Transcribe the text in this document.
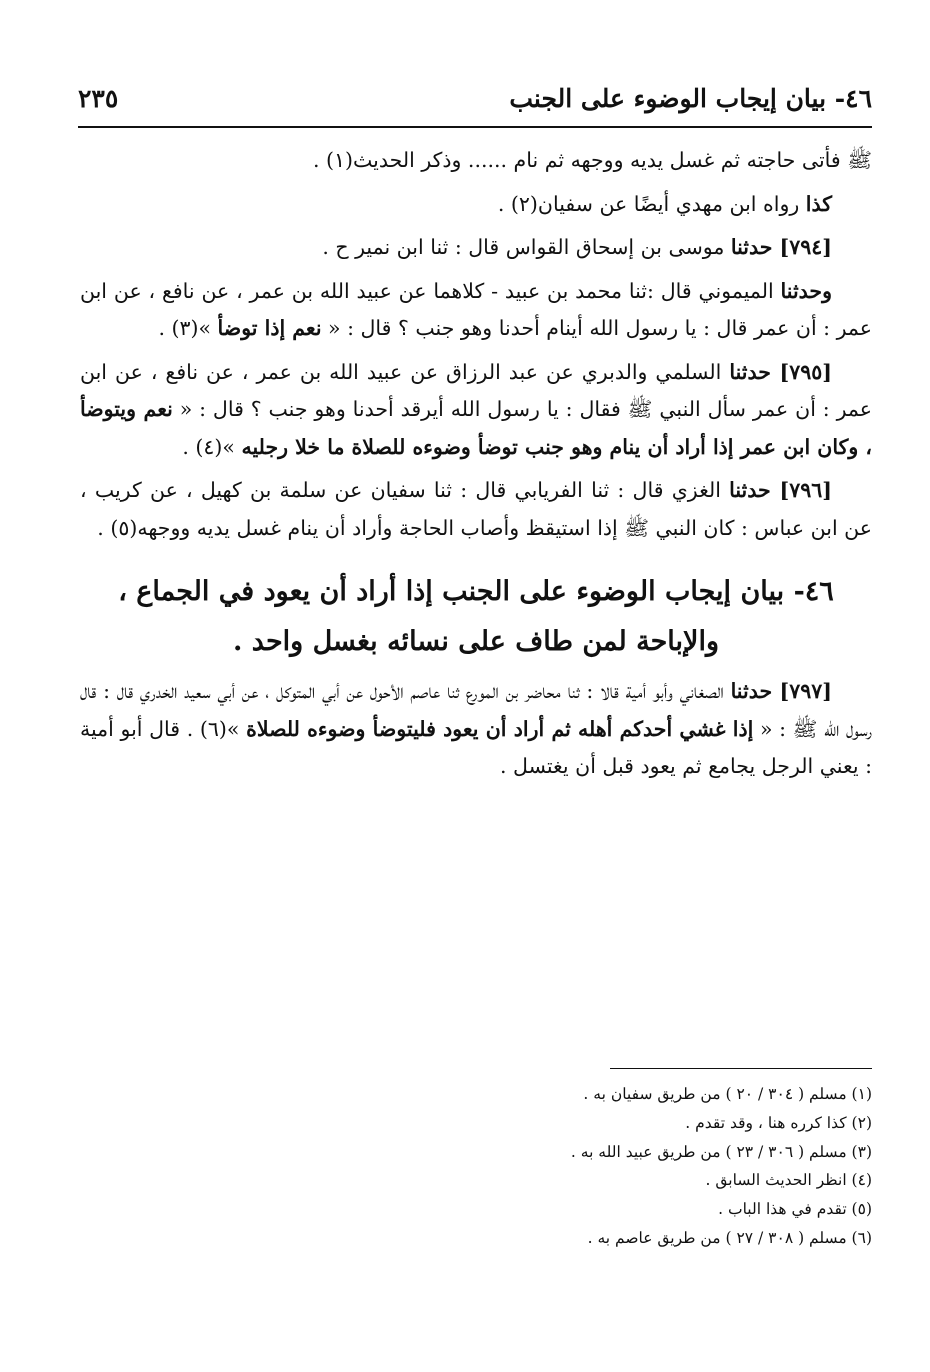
٤٦- بيان إيجاب الوضوء على الجنب
٢٣٥

ﷺ فأتى حاجته ثم غسل يديه ووجهه ثم نام ...... وذكر الحديث(١) .

كذا رواه ابن مهدي أيضًا عن سفيان(٢) .

[٧٩٤] حدثنا موسى بن إسحاق القواس قال : ثنا ابن نمير ح .

وحدثنا الميموني قال :ثنا محمد بن عبيد - كلاهما عن عبيد الله بن عمر ، عن نافع ، عن ابن عمر : أن عمر قال : يا رسول الله أينام أحدنا وهو جنب ؟ قال : « نعم إذا توضأ »(٣) .

[٧٩٥] حدثنا السلمي والدبري عن عبد الرزاق عن عبيد الله بن عمر ، عن نافع ، عن ابن عمر : أن عمر سأل النبي ﷺ فقال : يا رسول الله أيرقد أحدنا وهو جنب ؟ قال : « نعم ويتوضأ ، وكان ابن عمر إذا أراد أن ينام وهو جنب توضأ وضوءه للصلاة ما خلا رجليه »(٤) .

[٧٩٦] حدثنا الغزي قال : ثنا الفريابي قال : ثنا سفيان عن سلمة بن كهيل ، عن كريب ، عن ابن عباس : كان النبي ﷺ إذا استيقظ وأصاب الحاجة وأراد أن ينام غسل يديه ووجهه(٥) .

٤٦- بيان إيجاب الوضوء على الجنب إذا أراد أن يعود في الجماع ، والإباحة لمن طاف على نسائه بغسل واحد .

[٧٩٧] حدثنا الصغاني وأبو أمية قالا : ثنا محاضر بن المورع ثنا عاصم الأحول عن أبي المتوكل ، عن أبي سعيد الخدري قال : قال رسول الله ﷺ : « إذا غشي أحدكم أهله ثم أراد أن يعود فليتوضأ وضوءه للصلاة »(٦) . قال أبو أمية : يعني الرجل يجامع ثم يعود قبل أن يغتسل .

(١) مسلم ( ٣٠٤ / ٢٠ ) من طريق سفيان به .
(٢) كذا كرره هنا ، وقد تقدم .
(٣) مسلم ( ٣٠٦ / ٢٣ ) من طريق عبيد الله به .
(٤) انظر الحديث السابق .
(٥) تقدم في هذا الباب .
(٦) مسلم ( ٣٠٨ / ٢٧ ) من طريق عاصم به .
